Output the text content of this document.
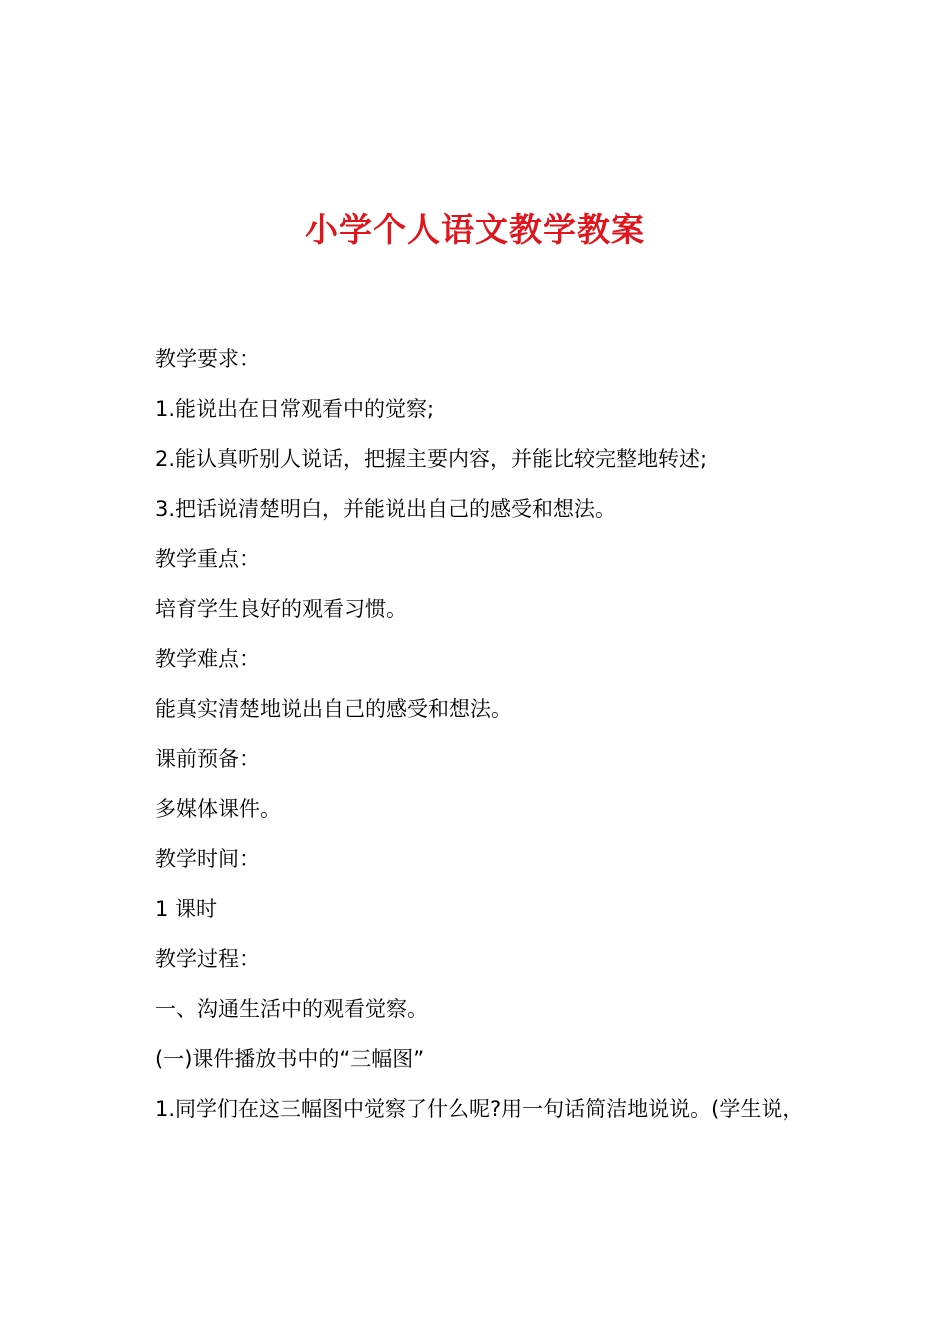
小学个人语文教学教案
教学要求：
1.能说出在日常观看中的觉察;
2.能认真听别人说话，把握主要内容，并能比较完整地转述;
3.把话说清楚明白，并能说出自己的感受和想法。
教学重点：
培育学生良好的观看习惯。
教学难点：
能真实清楚地说出自己的感受和想法。
课前预备：
多媒体课件。
教学时间：
1 课时
教学过程：
一、沟通生活中的观看觉察。
(一)课件播放书中的“三幅图”
1.同学们在这三幅图中觉察了什么呢?用一句话简洁地说说。(学生说，
